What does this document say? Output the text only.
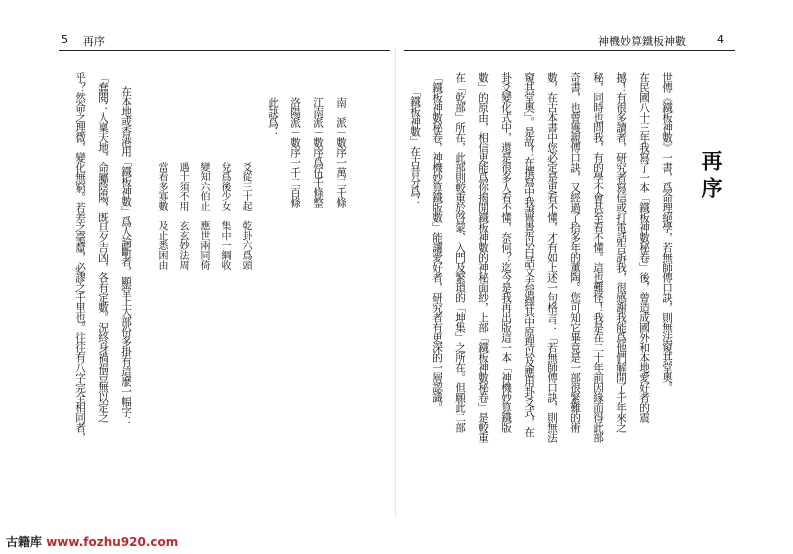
5 再序	神機妙算鐵板神數	4
再序
世傳《鐵板神數》一書，爲命理絕學，若無師傳口訣，則無法窺其堂奧。
在民國八十三年我寫了一本「鐵板神數秘卷」後，曾造成國外和本地愛好者的震
撼！有很多讀者，研究者寫信或打電話告訴我，很感謝我能爲他們解開了千年來之
秘，同時也問我，有的學不會甚至看不懂。這也難怪！我是在二十年前因緣而得此部
奇書，也曾獲親傳口訣，又經過了拾多年的薰陶。您可知它畢竟是一部很緊難的術
數，在古本書中您必定是更看不懂，才有如上述一句格言：「若無師傳口訣，則無法
窺其堂奧」。是故！在撰寫中我盡量是以白話文去演繹其中原理以及應用卦爻式，在
卦爻變化式中，還是很多人看不懂，奈何？迄今是我再出版這一本「神機妙算鐵版
數」的原由，相信更能爲你揭開鐵板神數的神秘面紗，上部「鐵板神數秘卷」是較重
在「乾部」所在，此部則較重於啓蒙、入門及繁瑣的「坤集」之所在。但願此二部
「鐵板神數秘卷，神機妙算鐵版數」能讓愛好者，研究者有更深的一層認識。
「鐵板神數」在古昔分爲：
南　派－數序一萬二千條
江南派－數序爲伍千條整
洛陽派－數序一千二百條
此訣爲：
爻從三十起　乾卦六爲頭
兌爲後少女　集中一綱收
變知六伯止　應世兩同倚
遇十須不用　玄玄妙法周
當看多寡數　及止悉困由
在本地或香港用「鐵板神數」爲人論斷者，顯堂上大部份多掛有這麼一幅字：
「蠢閱：人稟天地，命屬陰陽，既旦夕吉凶，各有定數。況終身禍福豈無以定之
乎？然命之理微，變化無窮。若差之毫釐，必謬之千里也。往往有八字完全相同者，
古籍库 www.fozhu920.com
